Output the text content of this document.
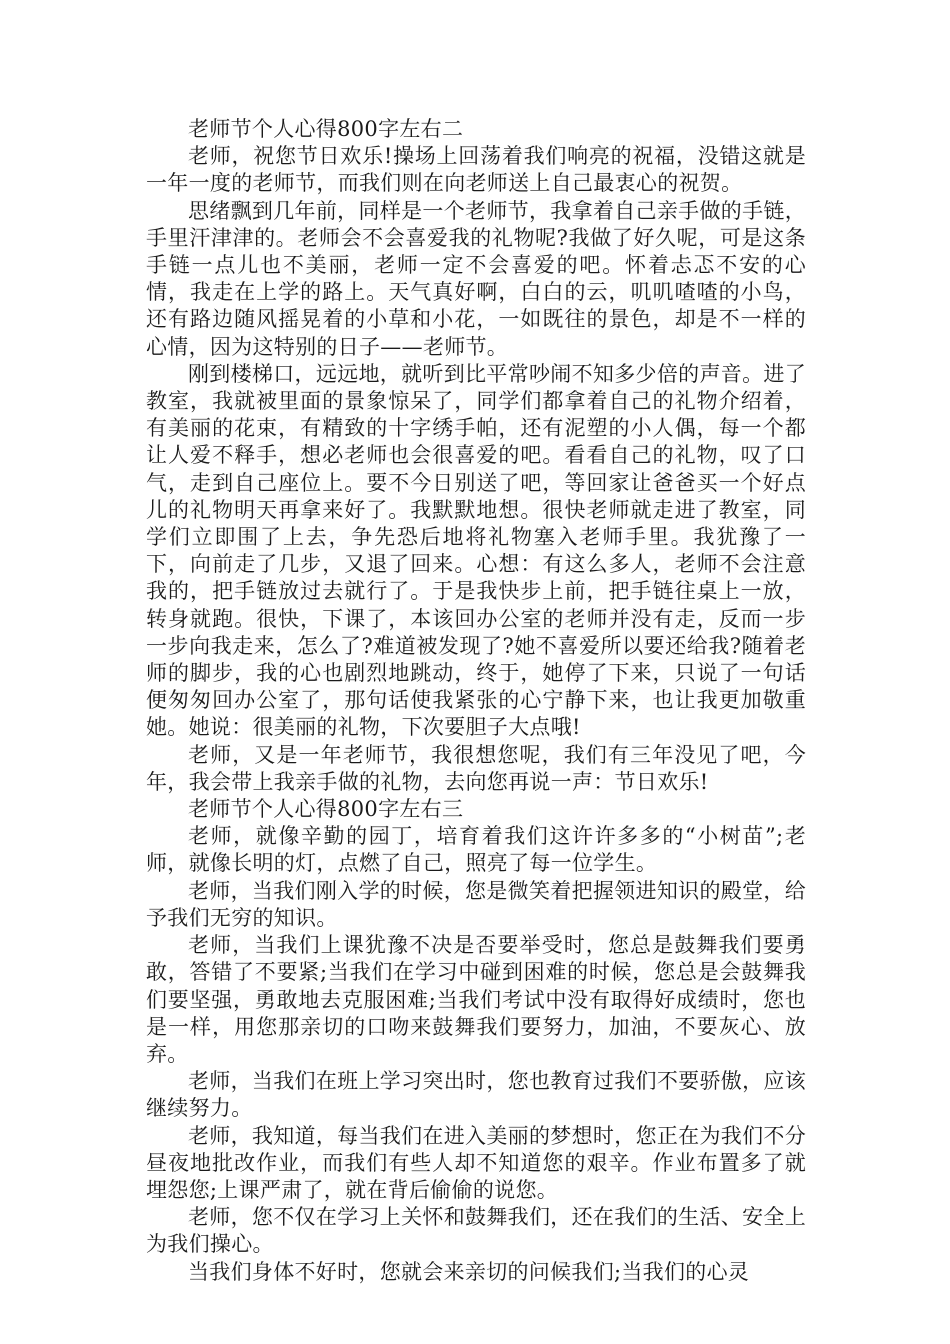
老师节个人心得800字左右二

老师，祝您节日欢乐!操场上回荡着我们响亮的祝福，没错这就是一年一度的老师节，而我们则在向老师送上自己最衷心的祝贺。

思绪飘到几年前，同样是一个老师节，我拿着自己亲手做的手链，手里汗津津的。老师会不会喜爱我的礼物呢?我做了好久呢，可是这条手链一点儿也不美丽，老师一定不会喜爱的吧。怀着忐忑不安的心情，我走在上学的路上。天气真好啊，白白的云，叽叽喳喳的小鸟，还有路边随风摇晃着的小草和小花，一如既往的景色，却是不一样的心情，因为这特别的日子——老师节。

刚到楼梯口，远远地，就听到比平常吵闹不知多少倍的声音。进了教室，我就被里面的景象惊呆了，同学们都拿着自己的礼物介绍着，有美丽的花束，有精致的十字绣手帕，还有泥塑的小人偶，每一个都让人爱不释手，想必老师也会很喜爱的吧。看看自己的礼物，叹了口气，走到自己座位上。要不今日别送了吧，等回家让爸爸买一个好点儿的礼物明天再拿来好了。我默默地想。很快老师就走进了教室，同学们立即围了上去，争先恐后地将礼物塞入老师手里。我犹豫了一下，向前走了几步，又退了回来。心想：有这么多人，老师不会注意我的，把手链放过去就行了。于是我快步上前，把手链往桌上一放，转身就跑。很快，下课了，本该回办公室的老师并没有走，反而一步一步向我走来，怎么了?难道被发现了?她不喜爱所以要还给我?随着老师的脚步，我的心也剧烈地跳动，终于，她停了下来，只说了一句话便匆匆回办公室了，那句话使我紧张的心宁静下来，也让我更加敬重她。她说：很美丽的礼物，下次要胆子大点哦!

老师，又是一年老师节，我很想您呢，我们有三年没见了吧，今年，我会带上我亲手做的礼物，去向您再说一声：节日欢乐!

老师节个人心得800字左右三

老师，就像辛勤的园丁，培育着我们这许许多多的“小树苗”;老师，就像长明的灯，点燃了自己，照亮了每一位学生。

老师，当我们刚入学的时候，您是微笑着把握领进知识的殿堂，给予我们无穷的知识。

老师，当我们上课犹豫不决是否要举受时，您总是鼓舞我们要勇敢，答错了不要紧;当我们在学习中碰到困难的时候，您总是会鼓舞我们要坚强，勇敢地去克服困难;当我们考试中没有取得好成绩时，您也是一样，用您那亲切的口吻来鼓舞我们要努力，加油，不要灰心、放弃。

老师，当我们在班上学习突出时，您也教育过我们不要骄傲，应该继续努力。

老师，我知道，每当我们在进入美丽的梦想时，您正在为我们不分昼夜地批改作业，而我们有些人却不知道您的艰辛。作业布置多了就埋怨您;上课严肃了，就在背后偷偷的说您。

老师，您不仅在学习上关怀和鼓舞我们，还在我们的生活、安全上为我们操心。

当我们身体不好时，您就会来亲切的问候我们;当我们的心灵
